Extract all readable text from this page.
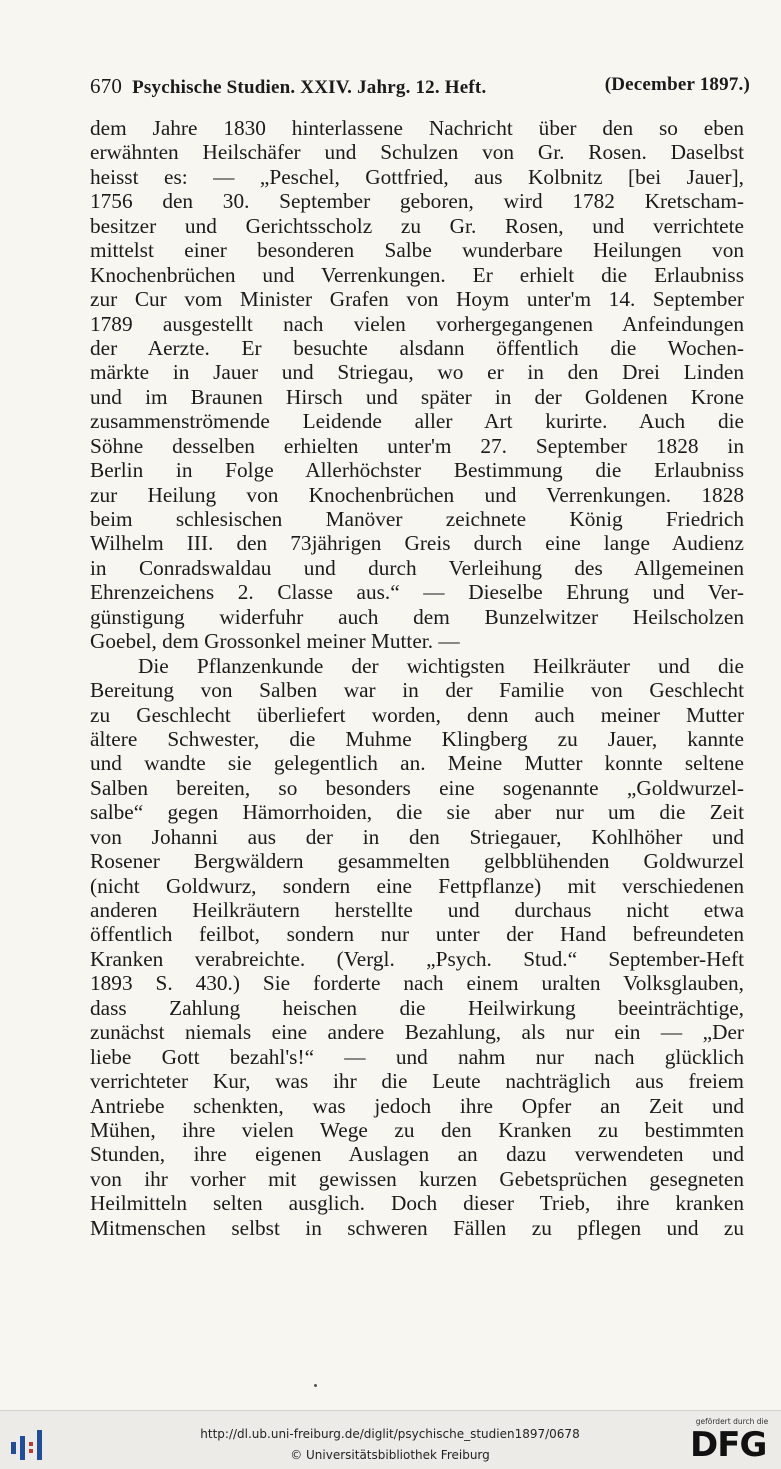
670 Psychische Studien. XXIV. Jahrg. 12. Heft.	(December 1897.)
dem Jahre 1830 hinterlassene Nachricht über den so eben
erwähnten Heilschäfer und Schulzen von Gr. Rosen. Daselbst
heisst es: — „Peschel, Gottfried, aus Kolbnitz [bei Jauer],
1756 den 30. September geboren, wird 1782 Kretscham-
besitzer und Gerichtsscholz zu Gr. Rosen, und verrichtete
mittelst einer besonderen Salbe wunderbare Heilungen von
Knochenbrüchen und Verrenkungen. Er erhielt die Erlaubniss
zur Cur vom Minister Grafen von Hoym unter'm 14. September
1789 ausgestellt nach vielen vorhergegangenen Anfeindungen
der Aerzte. Er besuchte alsdann öffentlich die Wochen-
märkte in Jauer und Striegau, wo er in den Drei Linden
und im Braunen Hirsch und später in der Goldenen Krone
zusammenströmende Leidende aller Art kurirte. Auch die
Söhne desselben erhielten unter'm 27. September 1828 in
Berlin in Folge Allerhöchster Bestimmung die Erlaubniss
zur Heilung von Knochenbrüchen und Verrenkungen. 1828
beim schlesischen Manöver zeichnete König Friedrich
Wilhelm III. den 73jährigen Greis durch eine lange Audienz
in Conradswaldau und durch Verleihung des Allgemeinen
Ehrenzeichens 2. Classe aus.“ — Dieselbe Ehrung und Ver-
günstigung widerfuhr auch dem Bunzelwitzer Heilscholzen
Goebel, dem Grossonkel meiner Mutter. —
Die Pflanzenkunde der wichtigsten Heilkräuter und die
Bereitung von Salben war in der Familie von Geschlecht
zu Geschlecht überliefert worden, denn auch meiner Mutter
ältere Schwester, die Muhme Klingberg zu Jauer, kannte
und wandte sie gelegentlich an. Meine Mutter konnte seltene
Salben bereiten, so besonders eine sogenannte „Goldwurzel-
salbe“ gegen Hämorrhoiden, die sie aber nur um die Zeit
von Johanni aus der in den Striegauer, Kohlhöher und
Rosener Bergwäldern gesammelten gelbblühenden Goldwurzel
(nicht Goldwurz, sondern eine Fettpflanze) mit verschiedenen
anderen Heilkräutern herstellte und durchaus nicht etwa
öffentlich feilbot, sondern nur unter der Hand befreundeten
Kranken verabreichte. (Vergl. „Psych. Stud.“ September-Heft
1893 S. 430.) Sie forderte nach einem uralten Volksglauben,
dass Zahlung heischen die Heilwirkung beeinträchtige,
zunächst niemals eine andere Bezahlung, als nur ein — „Der
liebe Gott bezahl's!“ — und nahm nur nach glücklich
verrichteter Kur, was ihr die Leute nachträglich aus freiem
Antriebe schenkten, was jedoch ihre Opfer an Zeit und
Mühen, ihre vielen Wege zu den Kranken zu bestimmten
Stunden, ihre eigenen Auslagen an dazu verwendeten und
von ihr vorher mit gewissen kurzen Gebetsprüchen gesegneten
Heilmitteln selten ausglich. Doch dieser Trieb, ihre kranken
Mitmenschen selbst in schweren Fällen zu pflegen und zu
http://dl.ub.uni-freiburg.de/diglit/psychische_studien1897/0678
© Universitätsbibliothek Freiburg
gefördert durch die
DFG
